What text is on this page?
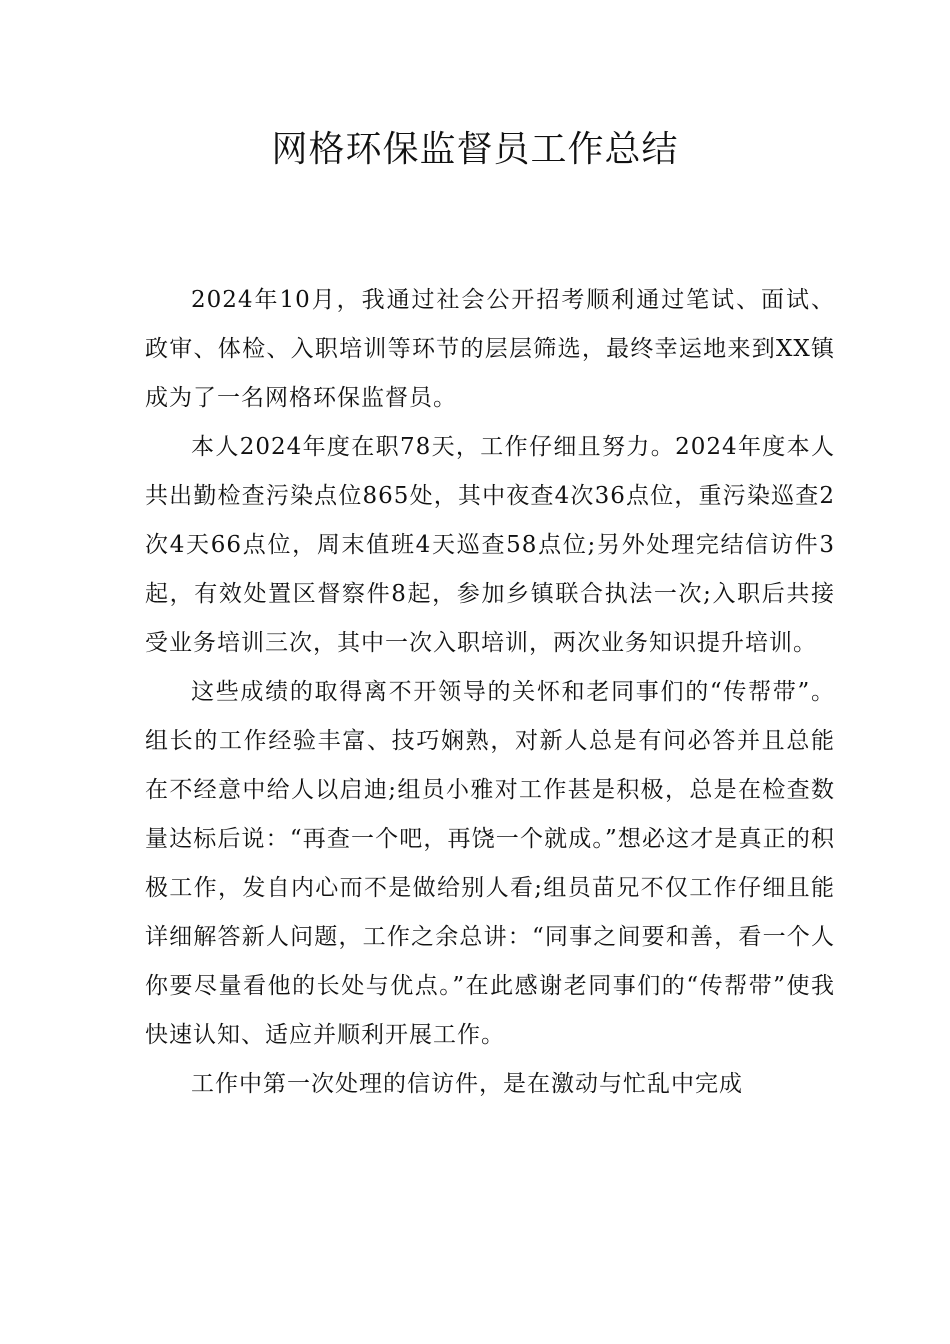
网格环保监督员工作总结

2024年10月，我通过社会公开招考顺利通过笔试、面试、政审、体检、入职培训等环节的层层筛选，最终幸运地来到XX镇成为了一名网格环保监督员。

本人2024年度在职78天，工作仔细且努力。2024年度本人共出勤检查污染点位865处，其中夜查4次36点位，重污染巡查2次4天66点位，周末值班4天巡查58点位;另外处理完结信访件3起，有效处置区督察件8起，参加乡镇联合执法一次;入职后共接受业务培训三次，其中一次入职培训，两次业务知识提升培训。

这些成绩的取得离不开领导的关怀和老同事们的“传帮带”。组长的工作经验丰富、技巧娴熟，对新人总是有问必答并且总能在不经意中给人以启迪;组员小雅对工作甚是积极，总是在检查数量达标后说：“再查一个吧，再饶一个就成。”想必这才是真正的积极工作，发自内心而不是做给别人看;组员苗兄不仅工作仔细且能详细解答新人问题，工作之余总讲：“同事之间要和善，看一个人你要尽量看他的长处与优点。”在此感谢老同事们的“传帮带”使我快速认知、适应并顺利开展工作。

工作中第一次处理的信访件，是在激动与忙乱中完成
